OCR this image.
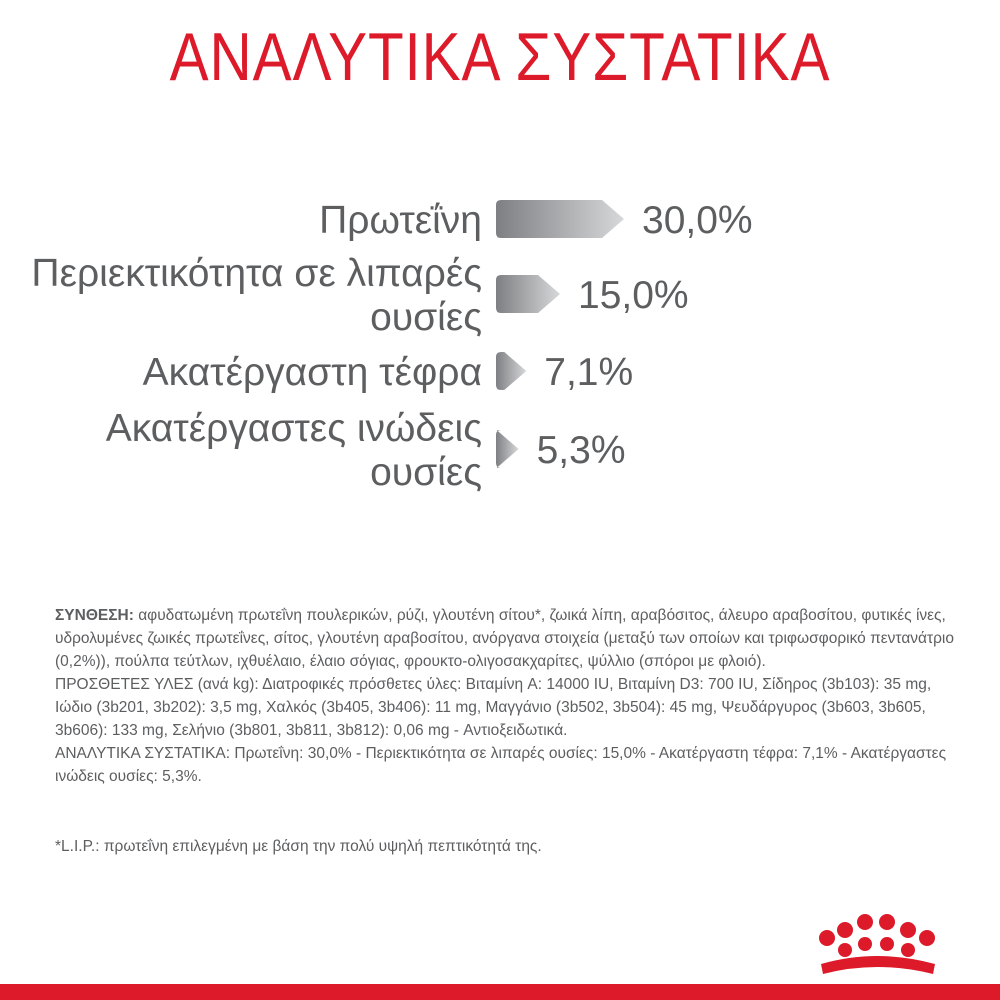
ΑΝΑΛΥΤΙΚΑ ΣΥΣΤΑΤΙΚΑ
30,0%
Πρωτεΐνη
15,0%
Περιεκτικότητα σε λιπαρές
ουσίες
7,1%
Ακατέργαστη τέφρα
5,3%
Ακατέργαστες ινώδεις
ουσίες

ΣΥΝΘΕΣΗ: αφυδατωμένη πρωτεΐνη πουλερικών, ρύζι, γλουτένη σίτου*, ζωικά λίπη, αραβόσιτος, άλευρο αραβοσίτου, φυτικές ίνες, υδρολυμένες ζωικές πρωτεΐνες, σίτος, γλουτένη αραβοσίτου, ανόργανα στοιχεία (μεταξύ των οποίων και τριφωσφορικό πεντανάτριο (0,2%)), πούλπα τεύτλων, ιχθυέλαιο, έλαιο σόγιας, φρουκτο-ολιγοσακχαρίτες, ψύλλιο (σπόροι με φλοιό).

ΠΡΟΣΘΕΤΕΣ ΥΛΕΣ (ανά kg): Διατροφικές πρόσθετες ύλες: Βιταμίνη A: 14000 IU, Βιταμίνη D3: 700 IU, Σίδηρος (3b103): 35 mg, Ιώδιο (3b201, 3b202): 3,5 mg, Χαλκός (3b405, 3b406): 11 mg, Μαγγάνιο (3b502, 3b504): 45 mg, Ψευδάργυρος (3b603, 3b605, 3b606): 133 mg, Σελήνιο (3b801, 3b811, 3b812): 0,06 mg - Αντιοξειδωτικά.

ΑΝΑΛΥΤΙΚΑ ΣΥΣΤΑΤΙΚΑ: Πρωτεΐνη: 30,0% - Περιεκτικότητα σε λιπαρές ουσίες: 15,0% - Ακατέργαστη τέφρα: 7,1% - Ακατέργαστες ινώδεις ουσίες: 5,3%.

*L.I.P.: πρωτεΐνη επιλεγμένη με βάση την πολύ υψηλή πεπτικότητά της.
